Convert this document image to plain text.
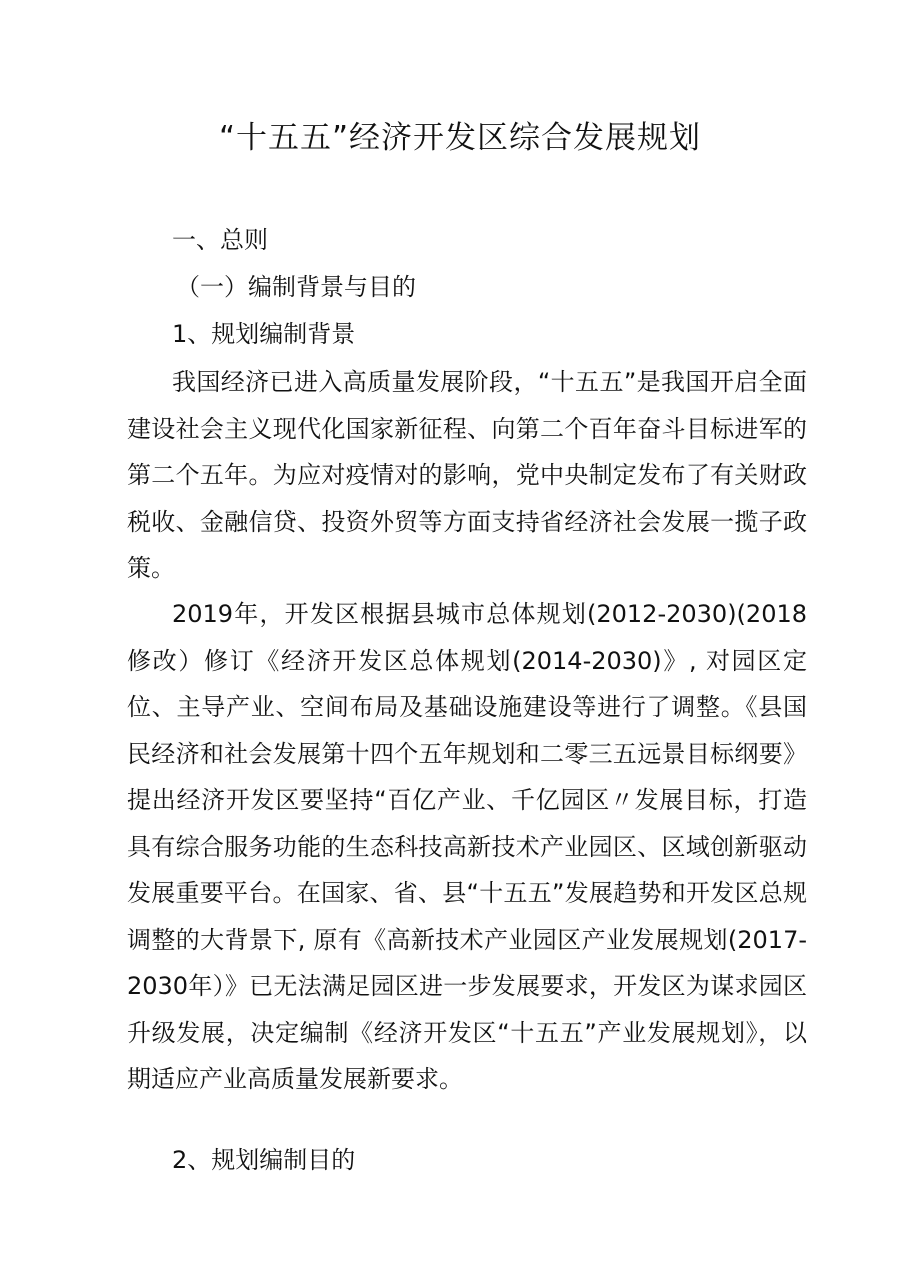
“十五五”经济开发区综合发展规划

一、总则

（一）编制背景与目的

1、规划编制背景

我国经济已进入高质量发展阶段，“十五五”是我国开启全面建设社会主义现代化国家新征程、向第二个百年奋斗目标进军的第二个五年。为应对疫情对的影响，党中央制定发布了有关财政税收、金融信贷、投资外贸等方面支持省经济社会发展一揽子政策。

2019年，开发区根据县城市总体规划(2012-2030)(2018修改）修订《经济开发区总体规划(2014-2030)》, 对园区定位、主导产业、空间布局及基础设施建设等进行了调整。《县国民经济和社会发展第十四个五年规划和二零三五远景目标纲要》提出经济开发区要坚持“百亿产业、千亿园区〃发展目标，打造具有综合服务功能的生态科技高新技术产业园区、区域创新驱动发展重要平台。在国家、省、县“十五五”发展趋势和开发区总规调整的大背景下, 原有《高新技术产业园区产业发展规划(2017-2030年）》已无法满足园区进一步发展要求，开发区为谋求园区升级发展，决定编制《经济开发区“十五五”产业发展规划》，以期适应产业高质量发展新要求。

2、规划编制目的
